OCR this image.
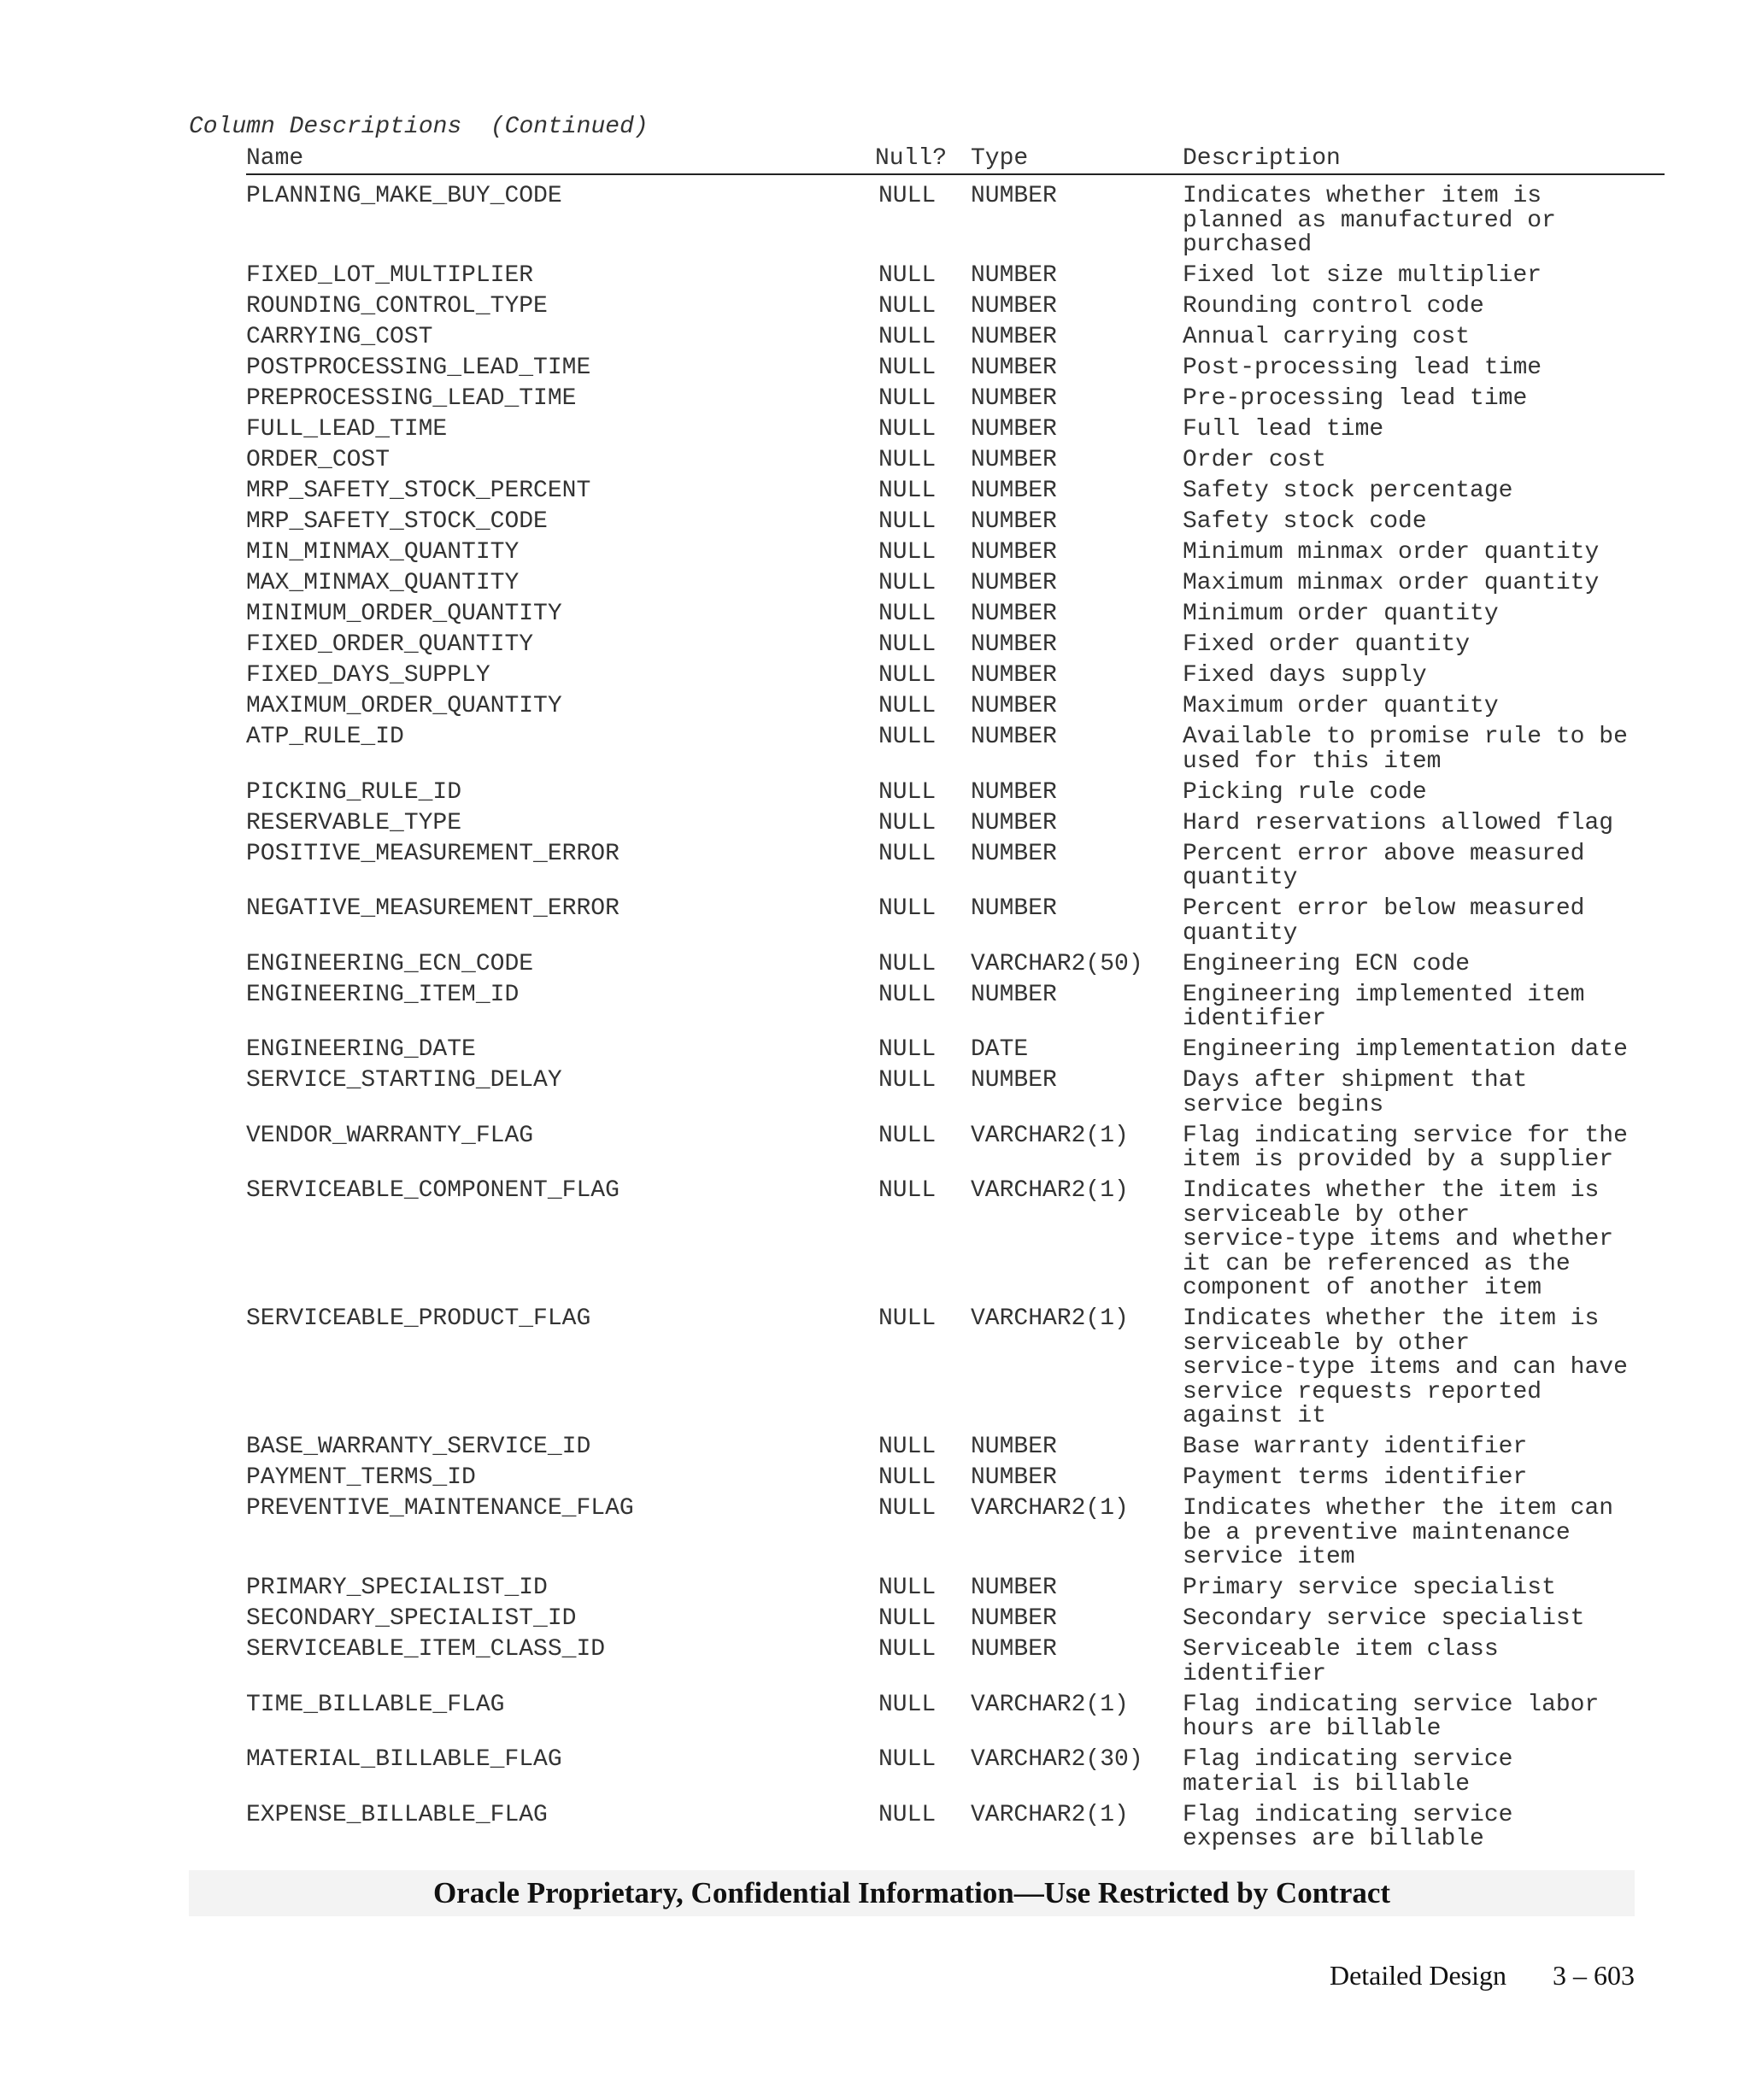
Column Descriptions  (Continued)
Name	Null? Type	Description
PLANNING_MAKE_BUY_CODE	NULL NUMBER	Indicates whether item is
planned as manufactured or
purchased
FIXED_LOT_MULTIPLIER	NULL NUMBER	Fixed lot size multiplier
ROUNDING_CONTROL_TYPE	NULL NUMBER	Rounding control code
CARRYING_COST	NULL NUMBER	Annual carrying cost
POSTPROCESSING_LEAD_TIME	NULL NUMBER	Post-processing lead time
PREPROCESSING_LEAD_TIME	NULL NUMBER	Pre-processing lead time
FULL_LEAD_TIME	NULL NUMBER	Full lead time
ORDER_COST	NULL NUMBER	Order cost
MRP_SAFETY_STOCK_PERCENT	NULL NUMBER	Safety stock percentage
MRP_SAFETY_STOCK_CODE	NULL NUMBER	Safety stock code
MIN_MINMAX_QUANTITY	NULL NUMBER	Minimum minmax order quantity
MAX_MINMAX_QUANTITY	NULL NUMBER	Maximum minmax order quantity
MINIMUM_ORDER_QUANTITY	NULL NUMBER	Minimum order quantity
FIXED_ORDER_QUANTITY	NULL NUMBER	Fixed order quantity
FIXED_DAYS_SUPPLY	NULL NUMBER	Fixed days supply
MAXIMUM_ORDER_QUANTITY	NULL NUMBER	Maximum order quantity
ATP_RULE_ID	NULL NUMBER	Available to promise rule to be
used for this item
PICKING_RULE_ID	NULL NUMBER	Picking rule code
RESERVABLE_TYPE	NULL NUMBER	Hard reservations allowed flag
POSITIVE_MEASUREMENT_ERROR	NULL NUMBER	Percent error above measured
quantity
NEGATIVE_MEASUREMENT_ERROR	NULL NUMBER	Percent error below measured
quantity
ENGINEERING_ECN_CODE	NULL VARCHAR2(50) Engineering ECN code
ENGINEERING_ITEM_ID	NULL NUMBER	Engineering implemented item
identifier
ENGINEERING_DATE	NULL DATE	Engineering implementation date
SERVICE_STARTING_DELAY	NULL NUMBER	Days after shipment that
service begins
VENDOR_WARRANTY_FLAG	NULL VARCHAR2(1) Flag indicating service for the
item is provided by a supplier
SERVICEABLE_COMPONENT_FLAG	NULL VARCHAR2(1) Indicates whether the item is
serviceable by other
service-type items and whether
it can be referenced as the
component of another item
SERVICEABLE_PRODUCT_FLAG	NULL VARCHAR2(1) Indicates whether the item is
serviceable by other
service-type items and can have
service requests reported
against it
BASE_WARRANTY_SERVICE_ID	NULL NUMBER	Base warranty identifier
PAYMENT_TERMS_ID	NULL NUMBER	Payment terms identifier
PREVENTIVE_MAINTENANCE_FLAG	NULL VARCHAR2(1) Indicates whether the item can
be a preventive maintenance
service item
PRIMARY_SPECIALIST_ID	NULL NUMBER	Primary service specialist
SECONDARY_SPECIALIST_ID	NULL NUMBER	Secondary service specialist
SERVICEABLE_ITEM_CLASS_ID	NULL NUMBER	Serviceable item class
identifier
TIME_BILLABLE_FLAG	NULL VARCHAR2(1) Flag indicating service labor
hours are billable
MATERIAL_BILLABLE_FLAG	NULL VARCHAR2(30) Flag indicating service
material is billable
EXPENSE_BILLABLE_FLAG	NULL VARCHAR2(1) Flag indicating service
expenses are billable
Oracle Proprietary, Confidential Information––Use Restricted by Contract
Detailed Design 3 – 603
